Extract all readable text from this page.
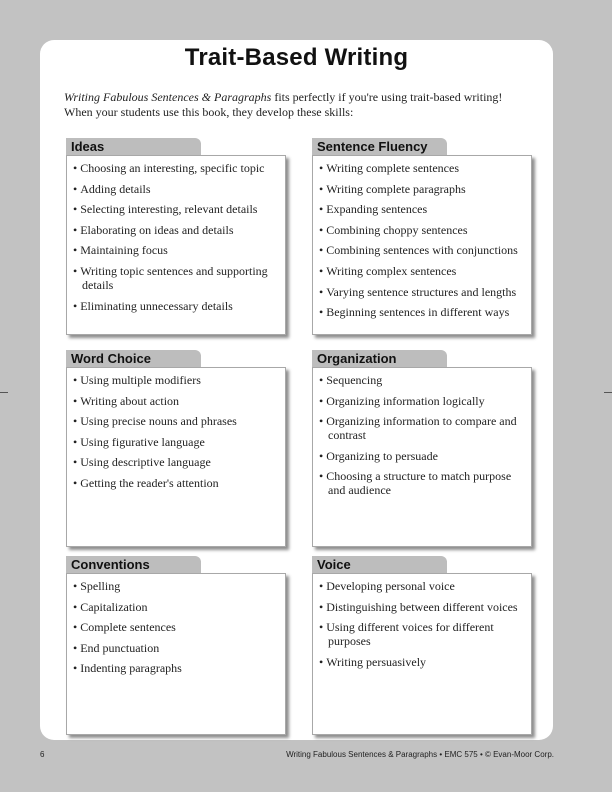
Trait-Based Writing
Writing Fabulous Sentences & Paragraphs fits perfectly if you're using trait-based writing!
When your students use this book, they develop these skills:
Ideas
• Choosing an interesting, specific topic
• Adding details
• Selecting interesting, relevant details
• Elaborating on ideas and details
• Maintaining focus
• Writing topic sentences and supporting details
• Eliminating unnecessary details
Sentence Fluency
• Writing complete sentences
• Writing complete paragraphs
• Expanding sentences
• Combining choppy sentences
• Combining sentences with conjunctions
• Writing complex sentences
• Varying sentence structures and lengths
• Beginning sentences in different ways
Word Choice
• Using multiple modifiers
• Writing about action
• Using precise nouns and phrases
• Using figurative language
• Using descriptive language
• Getting the reader's attention
Organization
• Sequencing
• Organizing information logically
• Organizing information to compare and contrast
• Organizing to persuade
• Choosing a structure to match purpose and audience
Conventions
• Spelling
• Capitalization
• Complete sentences
• End punctuation
• Indenting paragraphs
Voice
• Developing personal voice
• Distinguishing between different voices
• Using different voices for different purposes
• Writing persuasively
6	Writing Fabulous Sentences & Paragraphs • EMC 575 • © Evan-Moor Corp.
